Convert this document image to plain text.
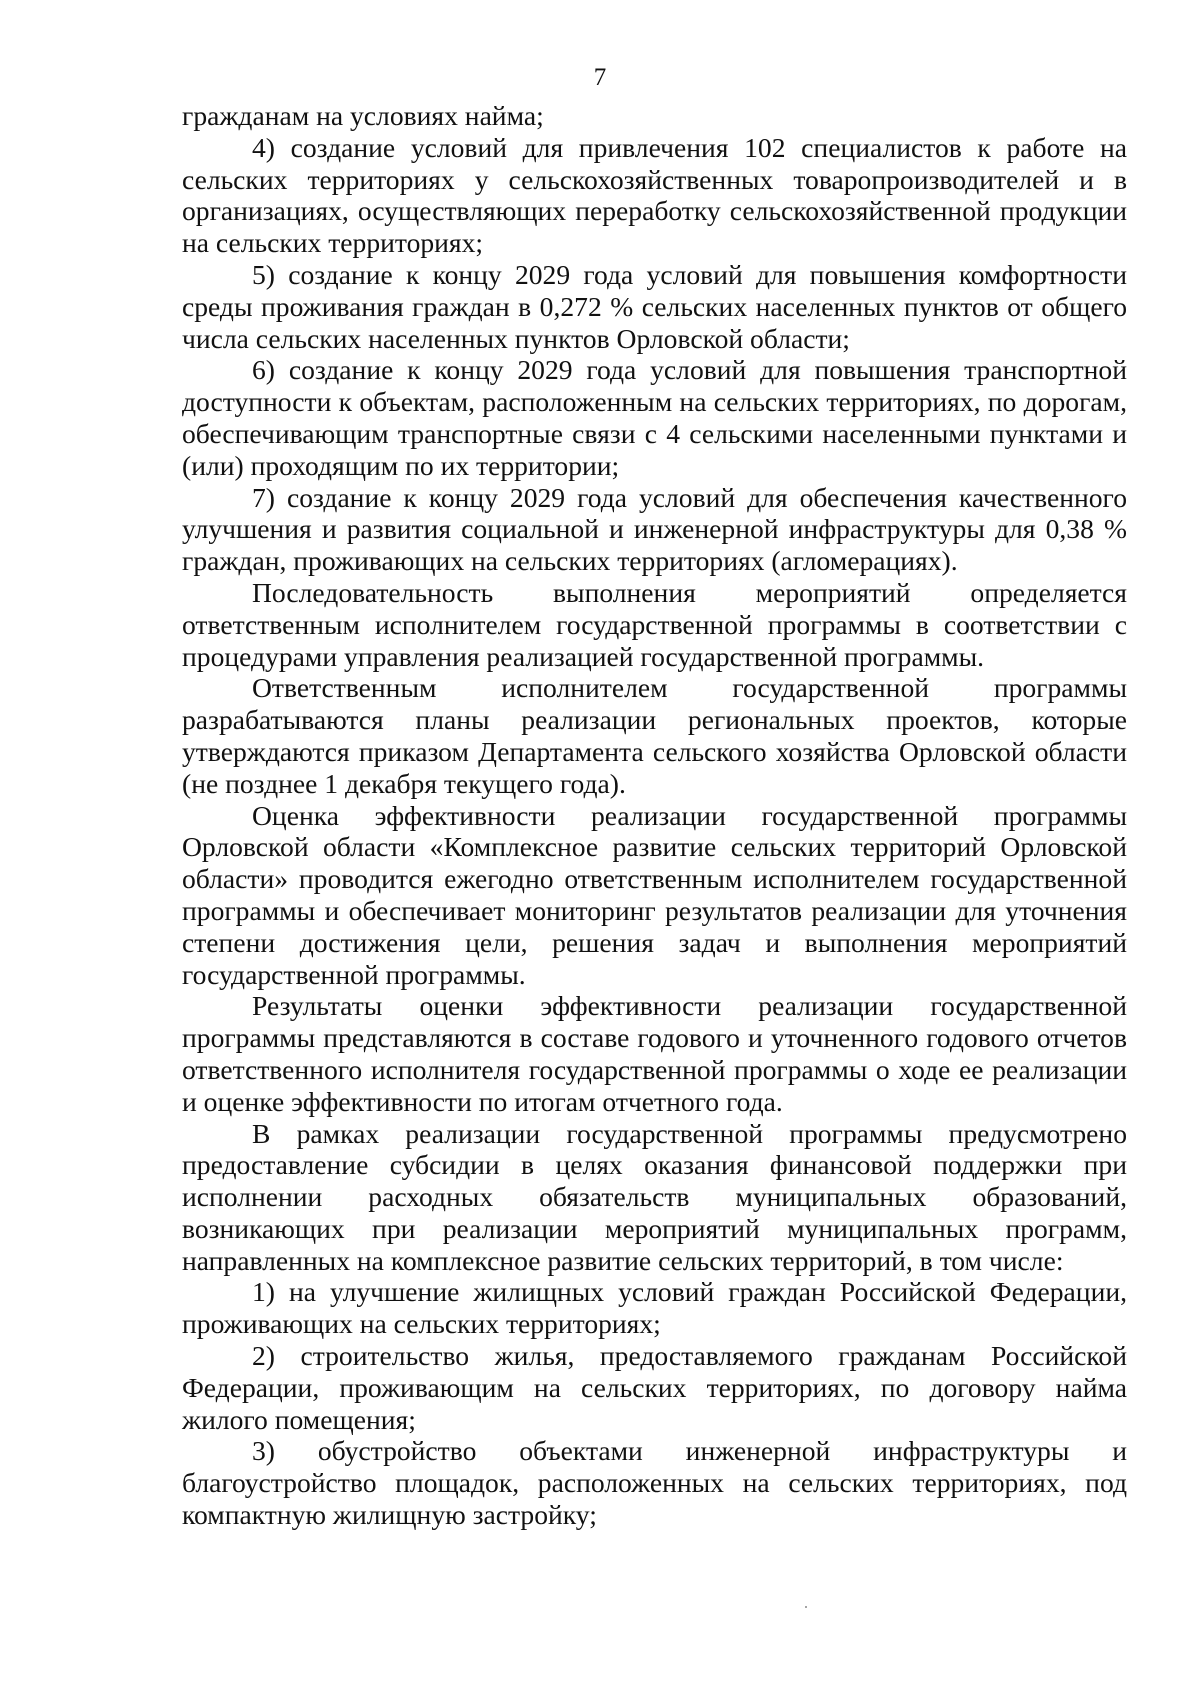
7

гражданам на условиях найма;

4) создание условий для привлечения 102 специалистов к работе на сельских территориях у сельскохозяйственных товаропроизводителей и в организациях, осуществляющих переработку сельскохозяйственной продукции на сельских территориях;

5) создание к концу 2029 года условий для повышения комфортности среды проживания граждан в 0,272 % сельских населенных пунктов от общего числа сельских населенных пунктов Орловской области;

6) создание к концу 2029 года условий для повышения транспортной доступности к объектам, расположенным на сельских территориях, по дорогам, обеспечивающим транспортные связи с 4 сельскими населенными пунктами и (или) проходящим по их территории;

7) создание к концу 2029 года условий для обеспечения качественного улучшения и развития социальной и инженерной инфраструктуры для 0,38 % граждан, проживающих на сельских территориях (агломерациях).

Последовательность выполнения мероприятий определяется ответственным исполнителем государственной программы в соответствии с процедурами управления реализацией государственной программы.

Ответственным исполнителем государственной программы разрабатываются планы реализации региональных проектов, которые утверждаются приказом Департамента сельского хозяйства Орловской области (не позднее 1 декабря текущего года).

Оценка эффективности реализации государственной программы Орловской области «Комплексное развитие сельских территорий Орловской области» проводится ежегодно ответственным исполнителем государственной программы и обеспечивает мониторинг результатов реализации для уточнения степени достижения цели, решения задач и выполнения мероприятий государственной программы.

Результаты оценки эффективности реализации государственной программы представляются в составе годового и уточненного годового отчетов ответственного исполнителя государственной программы о ходе ее реализации и оценке эффективности по итогам отчетного года.

В рамках реализации государственной программы предусмотрено предоставление субсидии в целях оказания финансовой поддержки при исполнении расходных обязательств муниципальных образований, возникающих при реализации мероприятий муниципальных программ, направленных на комплексное развитие сельских территорий, в том числе:

1) на улучшение жилищных условий граждан Российской Федерации, проживающих на сельских территориях;

2) строительство жилья, предоставляемого гражданам Российской Федерации, проживающим на сельских территориях, по договору найма жилого помещения;

3) обустройство объектами инженерной инфраструктуры и благоустройство площадок, расположенных на сельских территориях, под компактную жилищную застройку;
